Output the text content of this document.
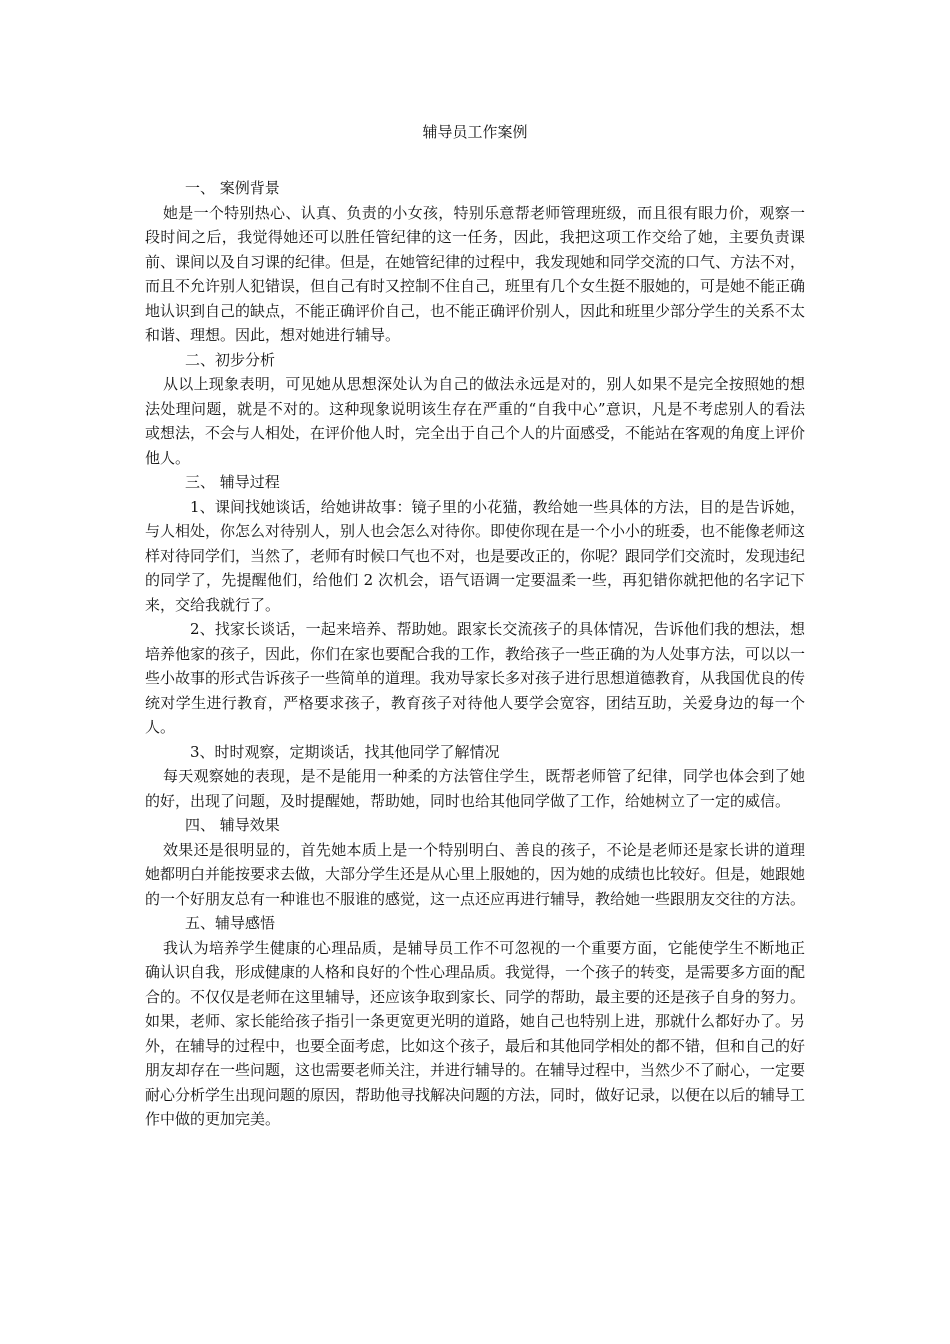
辅导员工作案例

一、 案例背景

她是一个特别热心、认真、负责的小女孩，特别乐意帮老师管理班级，而且很有眼力价，观察一段时间之后，我觉得她还可以胜任管纪律的这一任务，因此，我把这项工作交给了她，主要负责课前、课间以及自习课的纪律。但是，在她管纪律的过程中，我发现她和同学交流的口气、方法不对，而且不允许别人犯错误，但自己有时又控制不住自己，班里有几个女生挺不服她的，可是她不能正确地认识到自己的缺点，不能正确评价自己，也不能正确评价别人，因此和班里少部分学生的关系不太和谐、理想。因此，想对她进行辅导。

二、初步分析

从以上现象表明，可见她从思想深处认为自己的做法永远是对的，别人如果不是完全按照她的想法处理问题，就是不对的。这种现象说明该生存在严重的“自我中心”意识，凡是不考虑别人的看法或想法，不会与人相处，在评价他人时，完全出于自己个人的片面感受，不能站在客观的角度上评价他人。

三、 辅导过程

1、课间找她谈话，给她讲故事：镜子里的小花猫，教给她一些具体的方法，目的是告诉她，与人相处，你怎么对待别人，别人也会怎么对待你。即使你现在是一个小小的班委，也不能像老师这样对待同学们，当然了，老师有时候口气也不对，也是要改正的，你呢？跟同学们交流时，发现违纪的同学了，先提醒他们，给他们 2 次机会，语气语调一定要温柔一些，再犯错你就把他的名字记下来，交给我就行了。

2、找家长谈话，一起来培养、帮助她。跟家长交流孩子的具体情况，告诉他们我的想法，想培养他家的孩子，因此，你们在家也要配合我的工作，教给孩子一些正确的为人处事方法，可以以一些小故事的形式告诉孩子一些简单的道理。我劝导家长多对孩子进行思想道德教育，从我国优良的传统对学生进行教育，严格要求孩子，教育孩子对待他人要学会宽容，团结互助，关爱身边的每一个人。

3、时时观察，定期谈话，找其他同学了解情况

每天观察她的表现，是不是能用一种柔的方法管住学生，既帮老师管了纪律，同学也体会到了她的好，出现了问题，及时提醒她，帮助她，同时也给其他同学做了工作，给她树立了一定的威信。

四、 辅导效果

效果还是很明显的，首先她本质上是一个特别明白、善良的孩子，不论是老师还是家长讲的道理她都明白并能按要求去做，大部分学生还是从心里上服她的，因为她的成绩也比较好。但是，她跟她的一个好朋友总有一种谁也不服谁的感觉，这一点还应再进行辅导，教给她一些跟朋友交往的方法。

五、辅导感悟

我认为培养学生健康的心理品质，是辅导员工作不可忽视的一个重要方面，它能使学生不断地正确认识自我，形成健康的人格和良好的个性心理品质。我觉得，一个孩子的转变，是需要多方面的配合的。不仅仅是老师在这里辅导，还应该争取到家长、同学的帮助，最主要的还是孩子自身的努力。如果，老师、家长能给孩子指引一条更宽更光明的道路，她自己也特别上进，那就什么都好办了。另外，在辅导的过程中，也要全面考虑，比如这个孩子，最后和其他同学相处的都不错，但和自己的好朋友却存在一些问题，这也需要老师关注，并进行辅导的。在辅导过程中，当然少不了耐心，一定要耐心分析学生出现问题的原因，帮助他寻找解决问题的方法，同时，做好记录，以便在以后的辅导工作中做的更加完美。
